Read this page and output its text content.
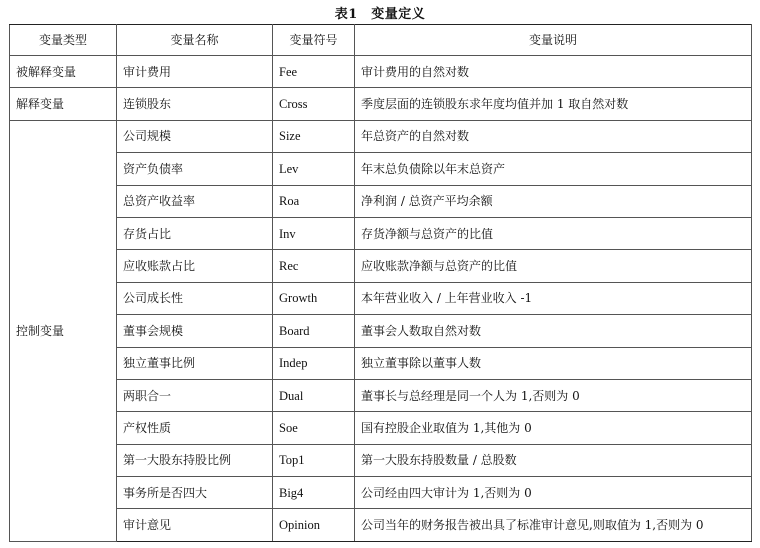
表1　变量定义
变量类型	变量名称	变量符号	变量说明
被解释变量	审计费用	Fee	审计费用的自然对数
解释变量	连锁股东	Cross	季度层面的连锁股东求年度均值并加 1 取自然对数
控制变量	公司规模	Size	年总资产的自然对数
	资产负债率	Lev	年末总负债除以年末总资产
	总资产收益率	Roa	净利润 / 总资产平均余额
	存货占比	Inv	存货净额与总资产的比值
	应收账款占比	Rec	应收账款净额与总资产的比值
	公司成长性	Growth	本年营业收入 / 上年营业收入 -1
	董事会规模	Board	董事会人数取自然对数
	独立董事比例	Indep	独立董事除以董事人数
	两职合一	Dual	董事长与总经理是同一个人为 1,否则为 0
	产权性质	Soe	国有控股企业取值为 1,其他为 0
	第一大股东持股比例	Top1	第一大股东持股数量 / 总股数
	事务所是否四大	Big4	公司经由四大审计为 1,否则为 0
	审计意见	Opinion	公司当年的财务报告被出具了标准审计意见,则取值为 1,否则为 0
